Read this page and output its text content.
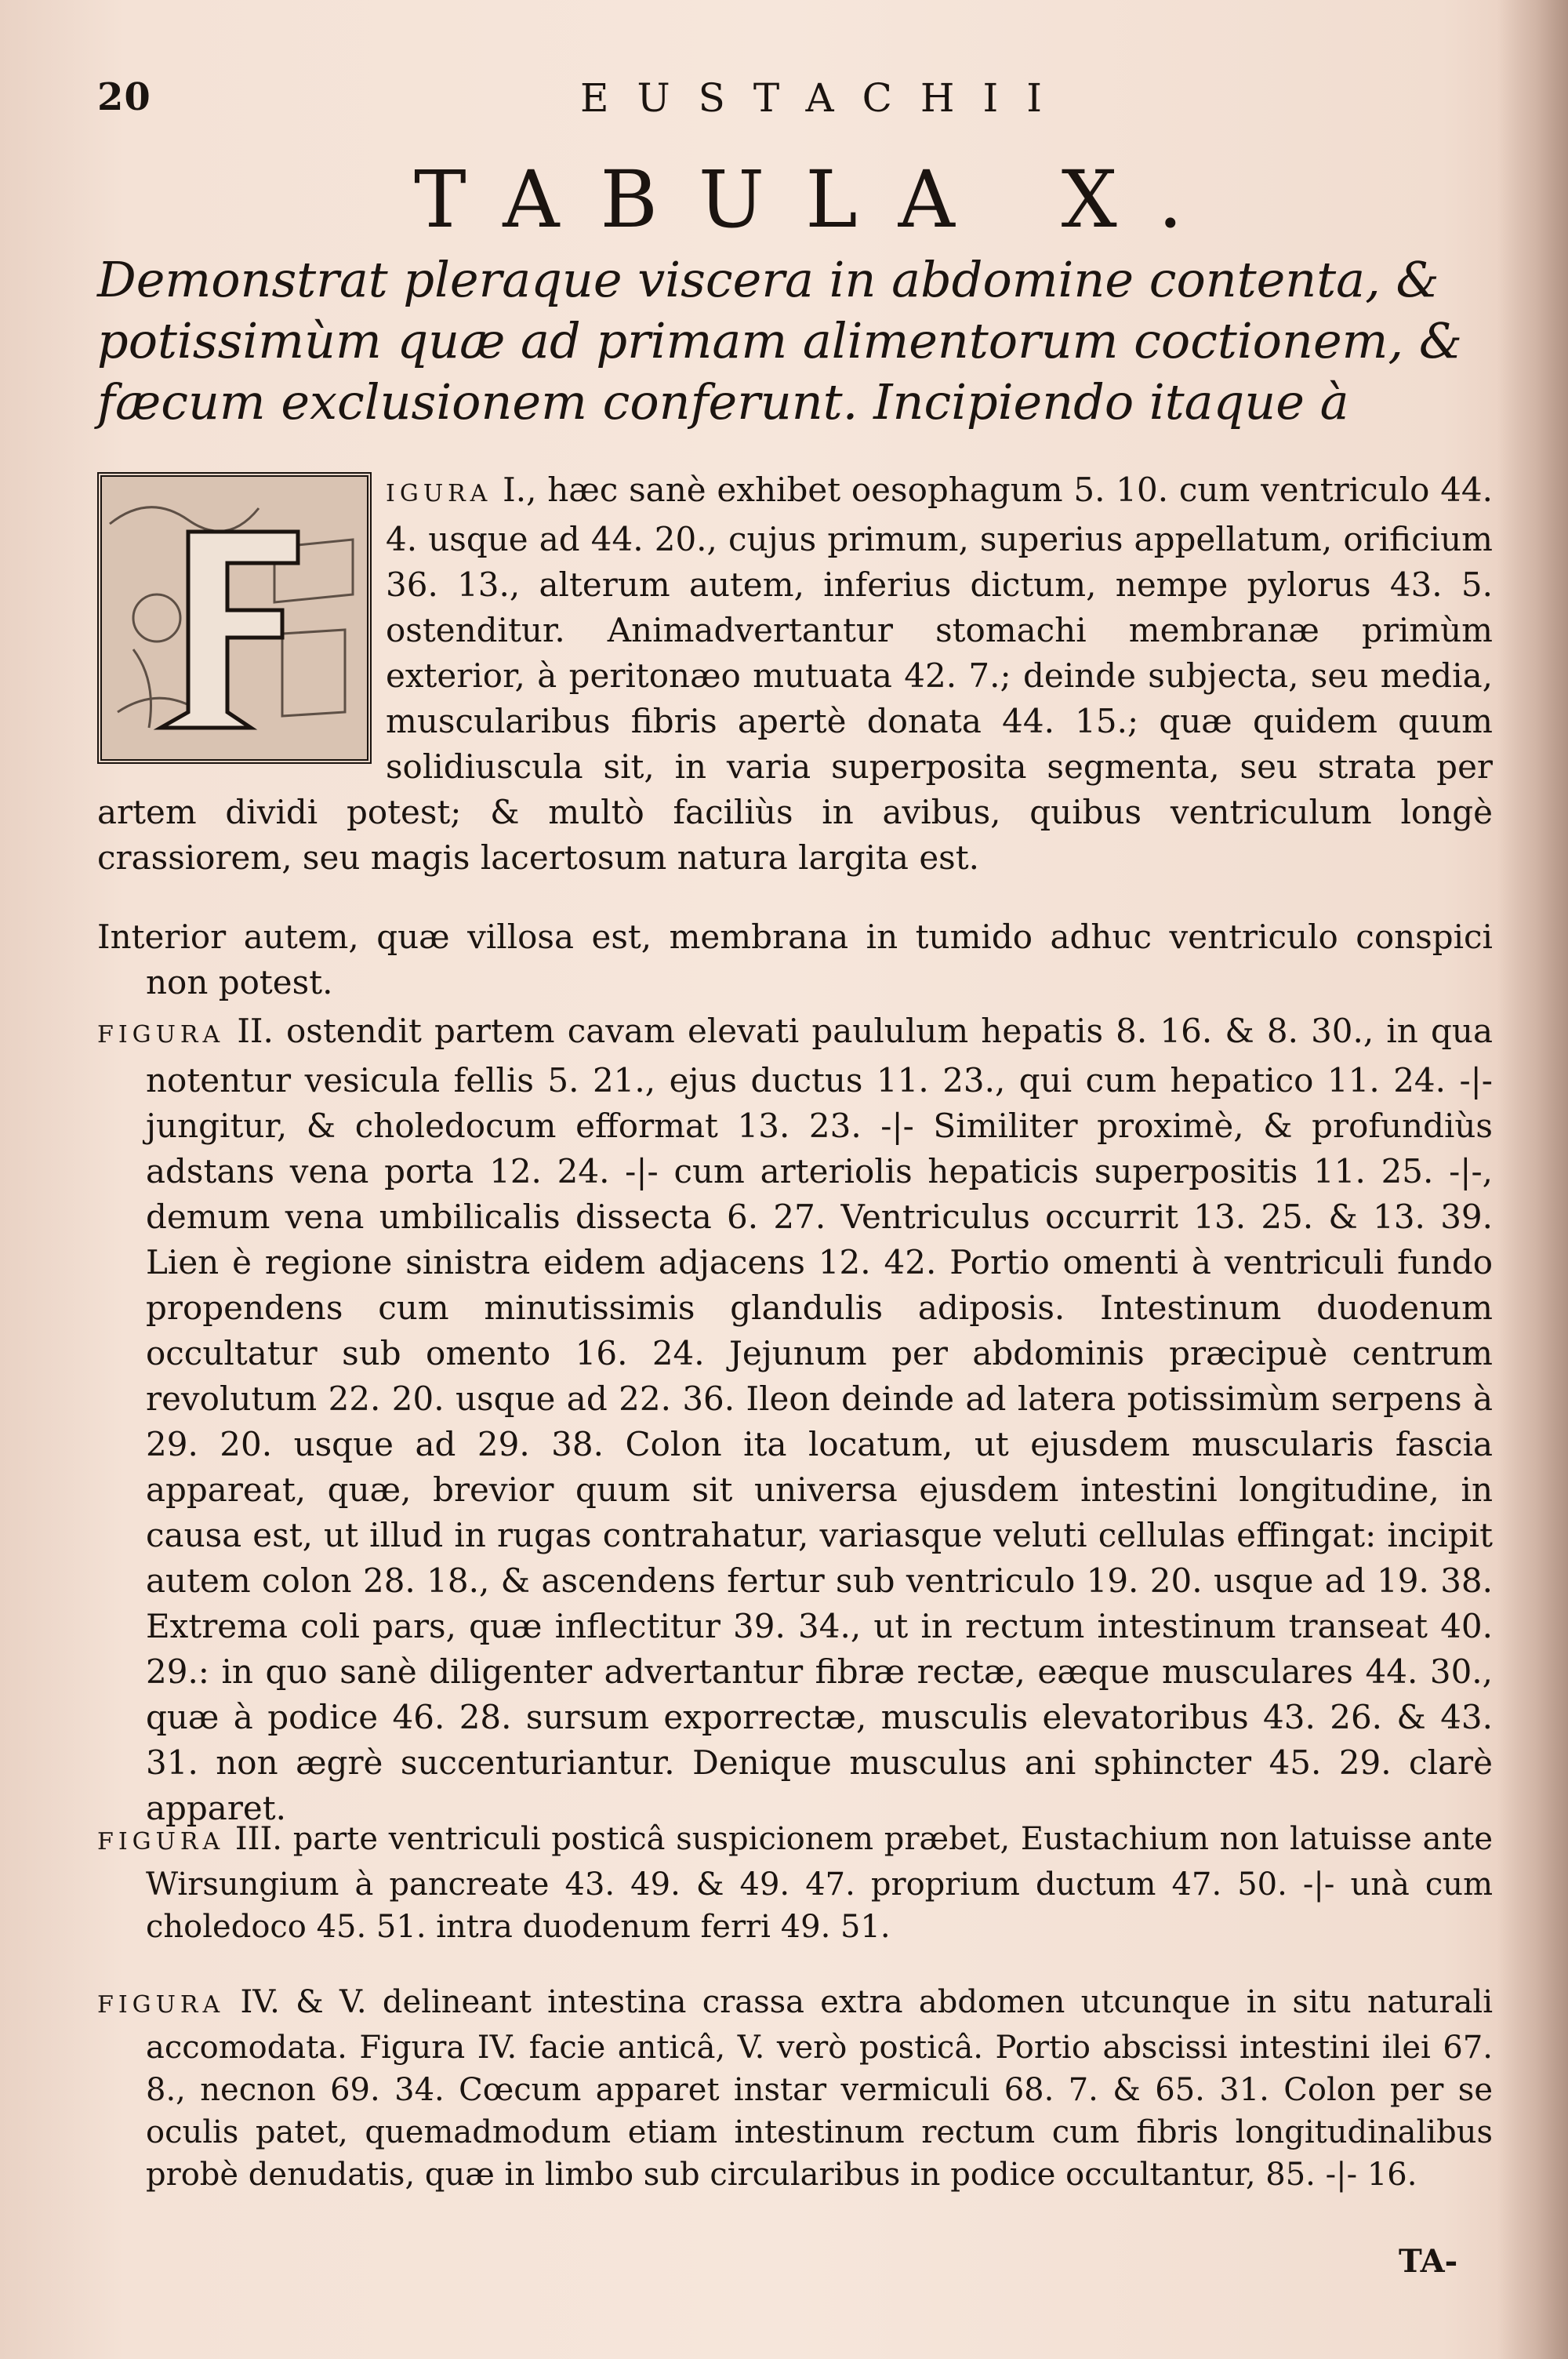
20	EUSTACHII
TABULA X.

Demonstrat pleraque viscera in abdomine contenta, & potissimùm quæ ad primam alimentorum coctionem, & fæcum exclusionem conferunt. Incipiendo itaque à

IGURA I., hæc sanè exhibet oesophagum 5. 10. cum ventriculo 44. 4. usque ad 44. 20., cujus primum, superius appellatum, orificium 36. 13., alterum autem, inferius dictum, nempe pylorus 43. 5. ostenditur. Animadvertantur stomachi membranæ primùm exterior, à peritonæo mutuata 42. 7.; deinde subjecta, seu media, muscularibus fibris apertè donata 44. 15.; quæ quidem quum solidiuscula sit, in varia superposita segmenta, seu strata per artem dividi potest; & multò faciliùs in avibus, quibus ventriculum longè crassiorem, seu magis lacertosum natura largita est.

Interior autem, quæ villosa est, membrana in tumido adhuc ventriculo conspici non potest.

FIGURA II. ostendit partem cavam elevati paululum hepatis 8. 16. & 8. 30., in qua notentur vesicula fellis 5. 21., ejus ductus 11. 23., qui cum hepatico 11. 24. -|- jungitur, & choledocum efformat 13. 23. -|- Similiter proximè, & profundiùs adstans vena porta 12. 24. -|- cum arteriolis hepaticis superpositis 11. 25. -|-, demum vena umbilicalis dissecta 6. 27. Ventriculus occurrit 13. 25. & 13. 39. Lien è regione sinistra eidem adjacens 12. 42. Portio omenti à ventriculi fundo propendens cum minutissimis glandulis adiposis. Intestinum duodenum occultatur sub omento 16. 24. Jejunum per abdominis præcipuè centrum revolutum 22. 20. usque ad 22. 36. Ileon deinde ad latera potissimùm serpens à 29. 20. usque ad 29. 38. Colon ita locatum, ut ejusdem muscularis fascia appareat, quæ, brevior quum sit universa ejusdem intestini longitudine, in causa est, ut illud in rugas contrahatur, variasque veluti cellulas effingat: incipit autem colon 28. 18., & ascendens fertur sub ventriculo 19. 20. usque ad 19. 38. Extrema coli pars, quæ inflectitur 39. 34., ut in rectum intestinum transeat 40. 29.: in quo sanè diligenter advertantur fibræ rectæ, eæque musculares 44. 30., quæ à podice 46. 28. sursum exporrectæ, musculis elevatoribus 43. 26. & 43. 31. non ægrè succenturiantur. Denique musculus ani sphincter 45. 29. clarè apparet.

FIGURA III. parte ventriculi posticâ suspicionem præbet, Eustachium non latuisse ante Wirsungium à pancreate 43. 49. & 49. 47. proprium ductum 47. 50. -|- unà cum choledoco 45. 51. intra duodenum ferri 49. 51.

FIGURA IV. & V. delineant intestina crassa extra abdomen utcunque in situ naturali accomodata. Figura IV. facie anticâ, V. verò posticâ. Portio abscissi intestini ilei 67. 8., necnon 69. 34. Cœcum apparet instar vermiculi 68. 7. & 65. 31. Colon per se oculis patet, quemadmodum etiam intestinum rectum cum fibris longitudinalibus probè denudatis, quæ in limbo sub circularibus in podice occultantur, 85. -|- 16.

TA-
